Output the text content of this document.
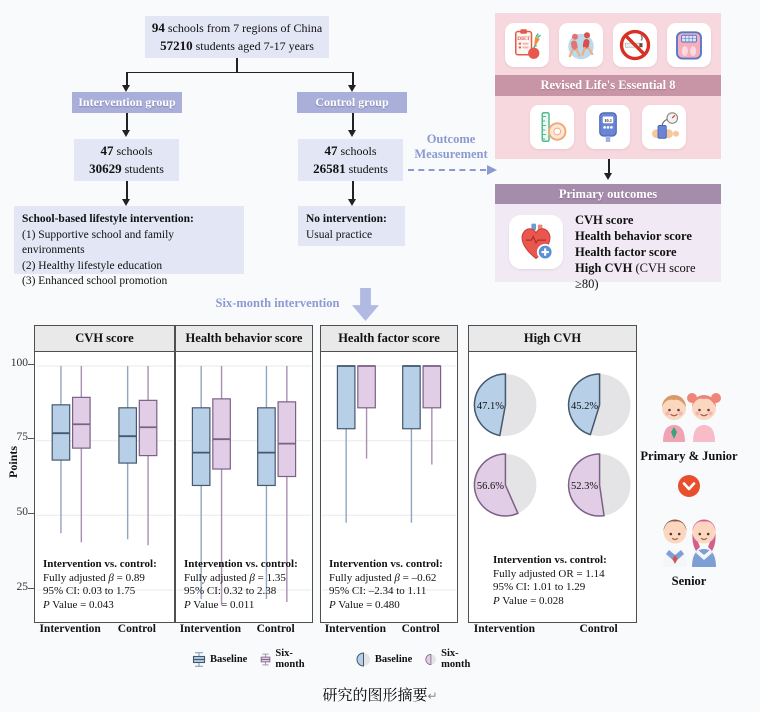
94 schools from 7 regions of China
57210 students aged 7-17 years
Intervention group	Control group
47 schools
30629 students
47 schools
26581 students
School-based lifestyle intervention:
(1) Supportive school and family environments
(2) Healthy lifestyle education
(3) Enhanced school promotion
No intervention:
Usual practice
Outcome
Measurement
DIET
Revised Life's Essential 8
10.1
Primary outcomes
CVH score
Health behavior score
Health factor score
High CVH (CVH score ≥80)
Six-month intervention
Points
100
75
50
25
CVH score
Intervention vs. control:
Fully adjusted β = 0.89
95% CI: 0.03 to 1.75
P Value = 0.043
Health behavior score
Intervention vs. control:
Fully adjusted β = 1.35
95% CI: 0.32 to 2.38
P Value = 0.011
Health factor score
Intervention vs. control:
Fully adjusted β = –0.62
95% CI: –2.34 to 1.11
P Value = 0.480
High CVH
47.1%	45.2%
56.6%	52.3%
Intervention vs. control:
Fully adjusted OR = 1.14
95% CI: 1.01 to 1.29
P Value = 0.028
Intervention	Control	Intervention	Control	Intervention	Control	Intervention	Control
Baseline	Six-month	Baseline	Six-month
Primary & Junior
Senior
研究的图形摘要↵
